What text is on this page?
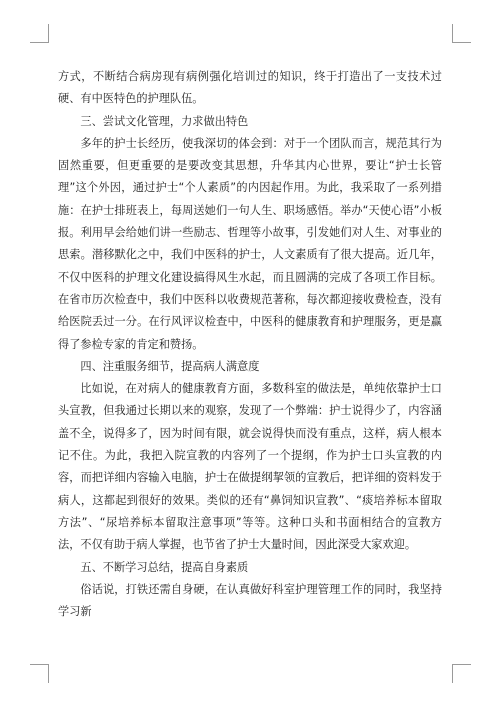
方式，不断结合病房现有病例强化培训过的知识，终于打造出了一支技术过硬、有中医特色的护理队伍。

三、尝试文化管理，力求做出特色

多年的护士长经历，使我深切的体会到：对于一个团队而言，规范其行为固然重要，但更重要的是要改变其思想，升华其内心世界，要让“护士长管理”这个外因，通过护士“个人素质”的内因起作用。为此，我采取了一系列措施：在护士排班表上，每周送她们一句人生、职场感悟。举办“天使心语”小板报。利用早会给她们讲一些励志、哲理等小故事，引发她们对人生、对事业的思索。潜移默化之中，我们中医科的护士，人文素质有了很大提高。近几年，不仅中医科的护理文化建设搞得风生水起，而且圆满的完成了各项工作目标。在省市历次检查中，我们中医科以收费规范著称，每次都迎接收费检查，没有给医院丢过一分。在行风评议检查中，中医科的健康教育和护理服务，更是赢得了参检专家的肯定和赞扬。

四、注重服务细节，提高病人满意度

比如说，在对病人的健康教育方面，多数科室的做法是，单纯依靠护士口头宣教，但我通过长期以来的观察，发现了一个弊端：护士说得少了，内容涵盖不全，说得多了，因为时间有限，就会说得快而没有重点，这样，病人根本记不住。为此，我把入院宣教的内容列了一个提纲，作为护士口头宣教的内容，而把详细内容输入电脑，护士在做提纲挈领的宣教后，把详细的资料发于病人，这都起到很好的效果。类似的还有“鼻饲知识宣教”、“痰培养标本留取方法”、“尿培养标本留取注意事项”等等。这种口头和书面相结合的宣教方法，不仅有助于病人掌握，也节省了护士大量时间，因此深受大家欢迎。

五、不断学习总结，提高自身素质

俗话说，打铁还需自身硬，在认真做好科室护理管理工作的同时，我坚持学习新
